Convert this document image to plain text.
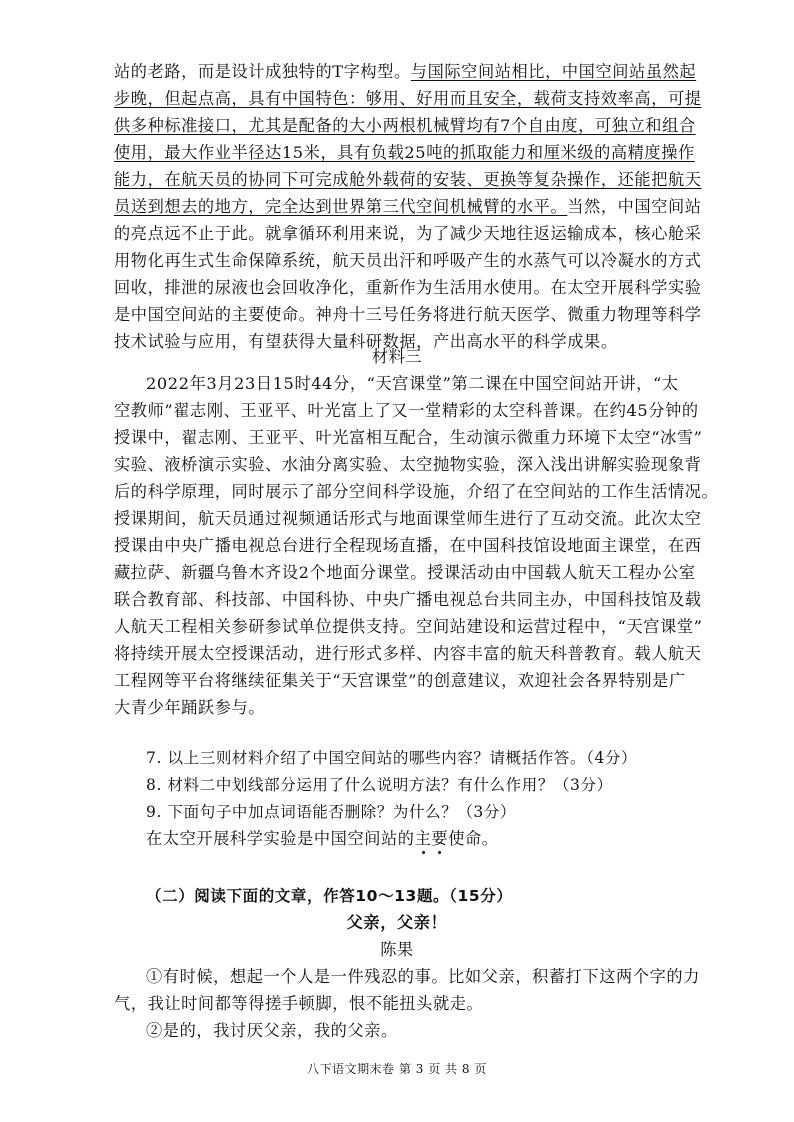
站的老路，而是设计成独特的T字构型。与国际空间站相比，中国空间站虽然起
步晚，但起点高，具有中国特色：够用、好用而且安全，载荷支持效率高，可提
供多种标准接口，尤其是配备的大小两根机械臂均有7个自由度，可独立和组合
使用，最大作业半径达15米，具有负载25吨的抓取能力和厘米级的高精度操作
能力，在航天员的协同下可完成舱外载荷的安装、更换等复杂操作，还能把航天
员送到想去的地方，完全达到世界第三代空间机械臂的水平。当然，中国空间站
的亮点远不止于此。就拿循环利用来说，为了减少天地往返运输成本，核心舱采
用物化再生式生命保障系统，航天员出汗和呼吸产生的水蒸气可以冷凝水的方式
回收，排泄的尿液也会回收净化，重新作为生活用水使用。在太空开展科学实验
是中国空间站的主要使命。神舟十三号任务将进行航天医学、微重力物理等科学
技术试验与应用，有望获得大量科研数据，产出高水平的科学成果。
材料三
2022年3月23日15时44分，“天宫课堂”第二课在中国空间站开讲，“太
空教师”翟志刚、王亚平、叶光富上了又一堂精彩的太空科普课。在约45分钟的
授课中，翟志刚、王亚平、叶光富相互配合，生动演示微重力环境下太空“冰雪”
实验、液桥演示实验、水油分离实验、太空抛物实验，深入浅出讲解实验现象背
后的科学原理，同时展示了部分空间科学设施，介绍了在空间站的工作生活情况。
授课期间，航天员通过视频通话形式与地面课堂师生进行了互动交流。此次太空
授课由中央广播电视总台进行全程现场直播，在中国科技馆设地面主课堂，在西
藏拉萨、新疆乌鲁木齐设2个地面分课堂。授课活动由中国载人航天工程办公室
联合教育部、科技部、中国科协、中央广播电视总台共同主办，中国科技馆及载
人航天工程相关参研参试单位提供支持。空间站建设和运营过程中，“天宫课堂”
将持续开展太空授课活动，进行形式多样、内容丰富的航天科普教育。载人航天
工程网等平台将继续征集关于“天宫课堂”的创意建议，欢迎社会各界特别是广
大青少年踊跃参与。
7. 以上三则材料介绍了中国空间站的哪些内容？请概括作答。（4分）
8. 材料二中划线部分运用了什么说明方法？有什么作用？（3分）
9. 下面句子中加点词语能否删除？为什么？（3分）
在太空开展科学实验是中国空间站的主要使命。
（二）阅读下面的文章，作答10～13题。（15分）
父亲，父亲！
陈果
①有时候，想起一个人是一件残忍的事。比如父亲，积蓄打下这两个字的力
气，我让时间都等得搓手顿脚，恨不能扭头就走。
②是的，我讨厌父亲，我的父亲。
八下语文期末卷 第 3 页 共 8 页
